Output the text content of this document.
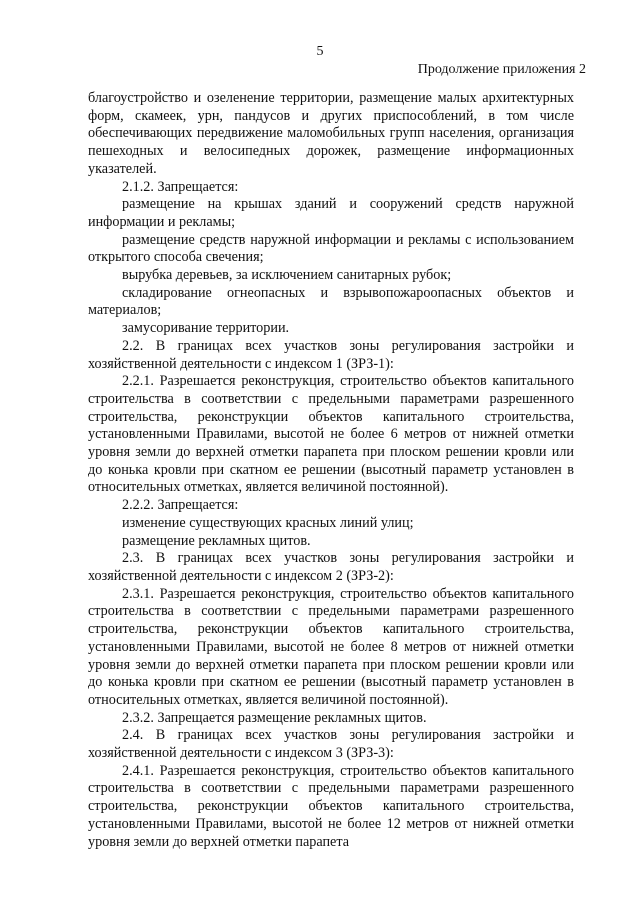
5
Продолжение приложения 2

благоустройство и озеленение территории, размещение малых архитектурных форм, скамеек, урн, пандусов и других приспособлений, в том числе обеспечивающих передвижение маломобильных групп населения, организация пешеходных и велосипедных дорожек, размещение информационных указателей.

2.1.2. Запрещается:

размещение на крышах зданий и сооружений средств наружной информации и рекламы;

размещение средств наружной информации и рекламы с использованием открытого способа свечения;

вырубка деревьев, за исключением санитарных рубок;

складирование огнеопасных и взрывопожароопасных объектов и материалов;

замусоривание территории.

2.2. В границах всех участков зоны регулирования застройки и хозяйственной деятельности с индексом 1 (ЗРЗ-1):

2.2.1. Разрешается реконструкция, строительство объектов капитального строительства в соответствии с предельными параметрами разрешенного строительства, реконструкции объектов капитального строительства, установленными Правилами, высотой не более 6 метров от нижней отметки уровня земли до верхней отметки парапета при плоском решении кровли или до конька кровли при скатном ее решении (высотный параметр установлен в относительных отметках, является величиной постоянной).

2.2.2. Запрещается:

изменение существующих красных линий улиц;

размещение рекламных щитов.

2.3. В границах всех участков зоны регулирования застройки и хозяйственной деятельности с индексом 2 (ЗРЗ-2):

2.3.1. Разрешается реконструкция, строительство объектов капитального строительства в соответствии с предельными параметрами разрешенного строительства, реконструкции объектов капитального строительства, установленными Правилами, высотой не более 8 метров от нижней отметки уровня земли до верхней отметки парапета при плоском решении кровли или до конька кровли при скатном ее решении (высотный параметр установлен в относительных отметках, является величиной постоянной).

2.3.2. Запрещается размещение рекламных щитов.

2.4. В границах всех участков зоны регулирования застройки и хозяйственной деятельности с индексом 3 (ЗРЗ-3):

2.4.1. Разрешается реконструкция, строительство объектов капитального строительства в соответствии с предельными параметрами разрешенного строительства, реконструкции объектов капитального строительства, установленными Правилами, высотой не более 12 метров от нижней отметки уровня земли до верхней отметки парапета
